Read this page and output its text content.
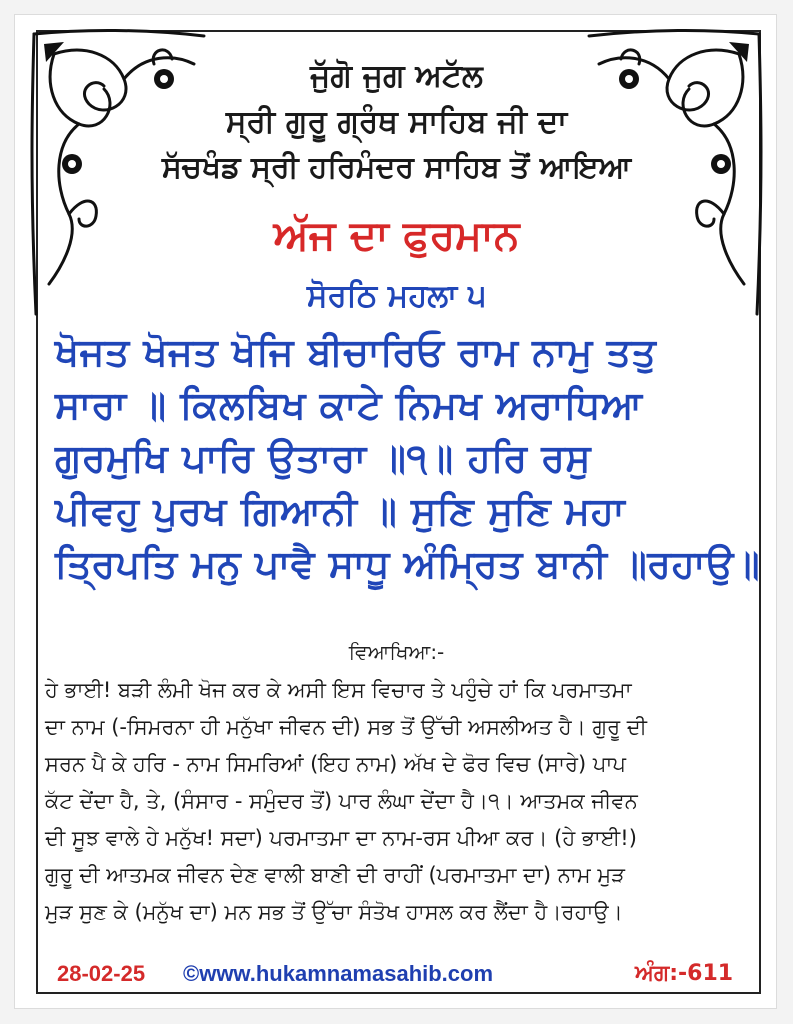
ਜੁੱਗੋ ਜੁਗ ਅਟੱਲ
ਸ੍ਰੀ ਗੁਰੂ ਗ੍ਰੰਥ ਸਾਹਿਬ ਜੀ ਦਾ
ਸੱਚਖੰਡ ਸ੍ਰੀ ਹਰਿਮੰਦਰ ਸਾਹਿਬ ਤੋਂ ਆਇਆ
ਅੱਜ ਦਾ ਫੁਰਮਾਨ
ਸੋਰਠਿ ਮਹਲਾ ੫
ਖੋਜਤ ਖੋਜਤ ਖੋਜਿ ਬੀਚਾਰਿਓ ਰਾਮ ਨਾਮੁ ਤਤੁ
ਸਾਰਾ ॥ ਕਿਲਬਿਖ ਕਾਟੇ ਨਿਮਖ ਅਰਾਧਿਆ
ਗੁਰਮੁਖਿ ਪਾਰਿ ਉਤਾਰਾ ॥੧॥ ਹਰਿ ਰਸੁ
ਪੀਵਹੁ ਪੁਰਖ ਗਿਆਨੀ ॥ ਸੁਣਿ ਸੁਣਿ ਮਹਾ
ਤ੍ਰਿਪਤਿ ਮਨੁ ਪਾਵੈ ਸਾਧੂ ਅੰਮ੍ਰਿਤ ਬਾਨੀ ॥ਰਹਾਉ॥
ਵਿਆਖਿਆ:-
ਹੇ ਭਾਈ! ਬੜੀ ਲੰਮੀ ਖੋਜ ਕਰ ਕੇ ਅਸੀ ਇਸ ਵਿਚਾਰ ਤੇ ਪਹੁੰਚੇ ਹਾਂ ਕਿ ਪਰਮਾਤਮਾ
ਦਾ ਨਾਮ (-ਸਿਮਰਨਾ ਹੀ ਮਨੁੱਖਾ ਜੀਵਨ ਦੀ) ਸਭ ਤੋਂ ਉੱਚੀ ਅਸਲੀਅਤ ਹੈ। ਗੁਰੂ ਦੀ
ਸਰਨ ਪੈ ਕੇ ਹਰਿ - ਨਾਮ ਸਿਮਰਿਆਂ (ਇਹ ਨਾਮ) ਅੱਖ ਦੇ ਫੋਰ ਵਿਚ (ਸਾਰੇ) ਪਾਪ
ਕੱਟ ਦੇਂਦਾ ਹੈ, ਤੇ, (ਸੰਸਾਰ - ਸਮੁੰਦਰ ਤੋਂ) ਪਾਰ ਲੰਘਾ ਦੇਂਦਾ ਹੈ।੧। ਆਤਮਕ ਜੀਵਨ
ਦੀ ਸੂਝ ਵਾਲੇ ਹੇ ਮਨੁੱਖ! ਸਦਾ) ਪਰਮਾਤਮਾ ਦਾ ਨਾਮ-ਰਸ ਪੀਆ ਕਰ। (ਹੇ ਭਾਈ!)
ਗੁਰੂ ਦੀ ਆਤਮਕ ਜੀਵਨ ਦੇਣ ਵਾਲੀ ਬਾਣੀ ਦੀ ਰਾਹੀਂ (ਪਰਮਾਤਮਾ ਦਾ) ਨਾਮ ਮੁੜ
ਮੁੜ ਸੁਣ ਕੇ (ਮਨੁੱਖ ਦਾ) ਮਨ ਸਭ ਤੋਂ ਉੱਚਾ ਸੰਤੋਖ ਹਾਸਲ ਕਰ ਲੈਂਦਾ ਹੈ।ਰਹਾਉ।
28-02-25 ©www.hukamnamasahib.com	ਅੰਗ:-611
